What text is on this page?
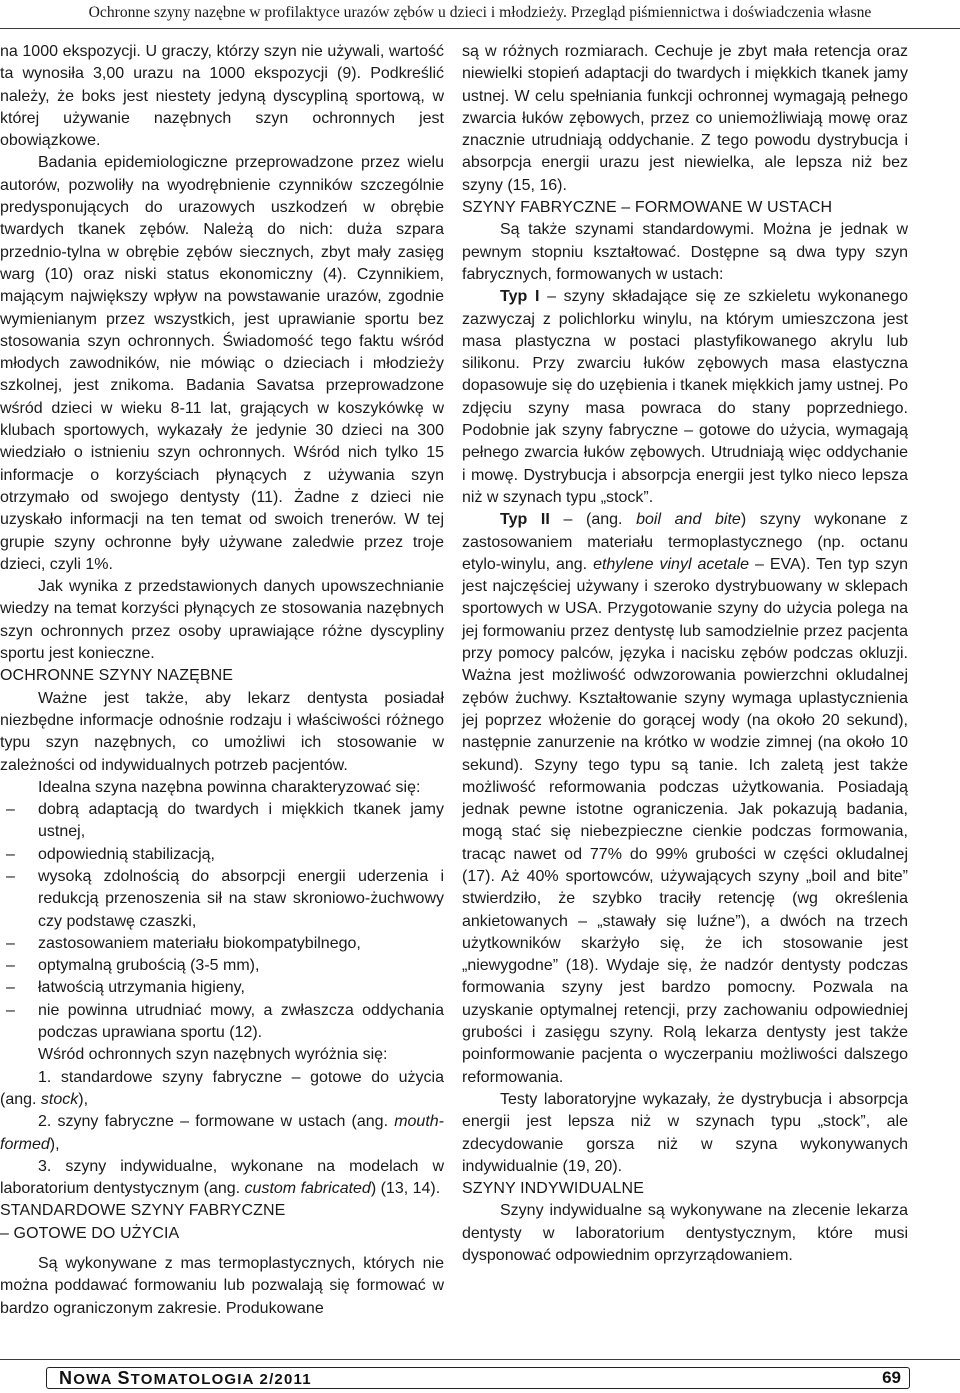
Ochronne szyny nazębne w profilaktyce urazów zębów u dzieci i młodzieży. Przegląd piśmiennictwa i doświadczenia własne

na 1000 ekspozycji. U graczy, którzy szyn nie używali, wartość ta wynosiła 3,00 urazu na 1000 ekspozycji (9). Podkreślić należy, że boks jest niestety jedyną dyscypliną sportową, w której używanie nazębnych szyn ochronnych jest obowiązkowe.

Badania epidemiologiczne przeprowadzone przez wielu autorów, pozwoliły na wyodrębnienie czynników szczególnie predysponujących do urazowych uszkodzeń w obrębie twardych tkanek zębów. Należą do nich: duża szpara przednio-tylna w obrębie zębów siecznych, zbyt mały zasięg warg (10) oraz niski status ekonomiczny (4). Czynnikiem, mającym największy wpływ na powstawanie urazów, zgodnie wymienianym przez wszystkich, jest uprawianie sportu bez stosowania szyn ochronnych. Świadomość tego faktu wśród młodych zawodników, nie mówiąc o dzieciach i młodzieży szkolnej, jest znikoma. Badania Savatsa przeprowadzone wśród dzieci w wieku 8-11 lat, grających w koszykówkę w klubach sportowych, wykazały że jedynie 30 dzieci na 300 wiedziało o istnieniu szyn ochronnych. Wśród nich tylko 15 informacje o korzyściach płynących z używania szyn otrzymało od swojego dentysty (11). Żadne z dzieci nie uzyskało informacji na ten temat od swoich trenerów. W tej grupie szyny ochronne były używane zaledwie przez troje dzieci, czyli 1%.

Jak wynika z przedstawionych danych upowszechnianie wiedzy na temat korzyści płynących ze stosowania nazębnych szyn ochronnych przez osoby uprawiające różne dyscypliny sportu jest konieczne.

OCHRONNE SZYNY NAZĘBNE

Ważne jest także, aby lekarz dentysta posiadał niezbędne informacje odnośnie rodzaju i właściwości różnego typu szyn nazębnych, co umożliwi ich stosowanie w zależności od indywidualnych potrzeb pacjentów.

Idealna szyna nazębna powinna charakteryzować się:

– dobrą adaptacją do twardych i miękkich tkanek jamy ustnej,
– odpowiednią stabilizacją,
– wysoką zdolnością do absorpcji energii uderzenia i redukcją przenoszenia sił na staw skroniowo-żuchwowy czy podstawę czaszki,
– zastosowaniem materiału biokompatybilnego,
– optymalną grubością (3-5 mm),
– łatwością utrzymania higieny,
– nie powinna utrudniać mowy, a zwłaszcza oddychania podczas uprawiana sportu (12).

Wśród ochronnych szyn nazębnych wyróżnia się:

1. standardowe szyny fabryczne – gotowe do użycia (ang. stock),

2. szyny fabryczne – formowane w ustach (ang. mouth-formed),

3. szyny indywidualne, wykonane na modelach w laboratorium dentystycznym (ang. custom fabricated) (13, 14).

STANDARDOWE SZYNY FABRYCZNE
– GOTOWE DO UŻYCIA

Są wykonywane z mas termoplastycznych, których nie można poddawać formowaniu lub pozwalają się formować w bardzo ograniczonym zakresie. Produkowane

są w różnych rozmiarach. Cechuje je zbyt mała retencja oraz niewielki stopień adaptacji do twardych i miękkich tkanek jamy ustnej. W celu spełniania funkcji ochronnej wymagają pełnego zwarcia łuków zębowych, przez co uniemożliwiają mowę oraz znacznie utrudniają oddychanie. Z tego powodu dystrybucja i absorpcja energii urazu jest niewielka, ale lepsza niż bez szyny (15, 16).

SZYNY FABRYCZNE – FORMOWANE W USTACH

Są także szynami standardowymi. Można je jednak w pewnym stopniu kształtować. Dostępne są dwa typy szyn fabrycznych, formowanych w ustach:

Typ I – szyny składające się ze szkieletu wykonanego zazwyczaj z polichlorku winylu, na którym umieszczona jest masa plastyczna w postaci plastyfikowanego akrylu lub silikonu. Przy zwarciu łuków zębowych masa elastyczna dopasowuje się do uzębienia i tkanek miękkich jamy ustnej. Po zdjęciu szyny masa powraca do stany poprzedniego. Podobnie jak szyny fabryczne – gotowe do użycia, wymagają pełnego zwarcia łuków zębowych. Utrudniają więc oddychanie i mowę. Dystrybucja i absorpcja energii jest tylko nieco lepsza niż w szynach typu „stock”.

Typ II – (ang. boil and bite) szyny wykonane z zastosowaniem materiału termoplastycznego (np. octanu etylo-winylu, ang. ethylene vinyl acetale – EVA). Ten typ szyn jest najczęściej używany i szeroko dystrybuowany w sklepach sportowych w USA. Przygotowanie szyny do użycia polega na jej formowaniu przez dentystę lub samodzielnie przez pacjenta przy pomocy palców, języka i nacisku zębów podczas okluzji. Ważna jest możliwość odwzorowania powierzchni okludalnej zębów żuchwy. Kształtowanie szyny wymaga uplastycznienia jej poprzez włożenie do gorącej wody (na około 20 sekund), następnie zanurzenie na krótko w wodzie zimnej (na około 10 sekund). Szyny tego typu są tanie. Ich zaletą jest także możliwość reformowania podczas użytkowania. Posiadają jednak pewne istotne ograniczenia. Jak pokazują badania, mogą stać się niebezpieczne cienkie podczas formowania, tracąc nawet od 77% do 99% grubości w części okludalnej (17). Aż 40% sportowców, używających szyny „boil and bite” stwierdziło, że szybko traciły retencję (wg określenia ankietowanych – „stawały się luźne”), a dwóch na trzech użytkowników skarżyło się, że ich stosowanie jest „niewygodne” (18). Wydaje się, że nadzór dentysty podczas formowania szyny jest bardzo pomocny. Pozwala na uzyskanie optymalnej retencji, przy zachowaniu odpowiedniej grubości i zasięgu szyny. Rolą lekarza dentysty jest także poinformowanie pacjenta o wyczerpaniu możliwości dalszego reformowania.

Testy laboratoryjne wykazały, że dystrybucja i absorpcja energii jest lepsza niż w szynach typu „stock”, ale zdecydowanie gorsza niż w szyna wykonywanych indywidualnie (19, 20).

SZYNY INDYWIDUALNE

Szyny indywidualne są wykonywane na zlecenie lekarza dentysty w laboratorium dentystycznym, które musi dysponować odpowiednim oprzyrządowaniem.

NOWA STOMATOLOGIA 2/2011	69
